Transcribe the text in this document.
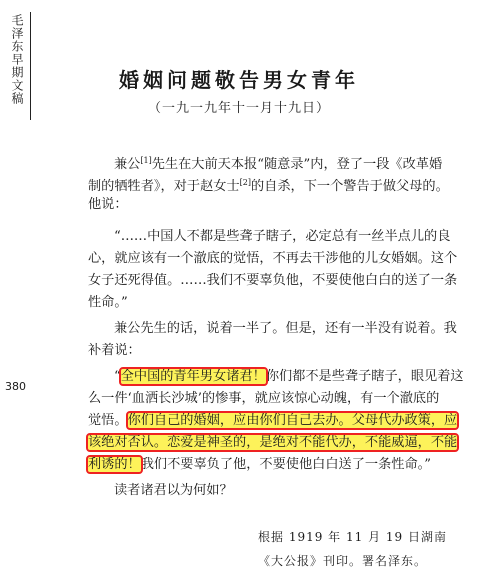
毛泽东早期文稿
380
婚姻问题敬告男女青年
（一九一九年十一月十九日）
兼公[1]先生在大前天本报“随意录”内，登了一段《改革婚
制的牺牲者》，对于赵女士[2]的自杀，下一个警告于做父母的。
他说：
“……中国人不都是些聋子瞎子，必定总有一丝半点儿的良
心，就应该有一个澈底的觉悟，不再去干涉他的儿女婚姻。这个
女子还死得值。……我们不要辜负他，不要使他白白的送了一条
性命。”
兼公先生的话，说着一半了。但是，还有一半没有说着。我
补着说：
“全中国的青年男女诸君！你们都不是些聋子瞎子，眼见着这
么一件‘血洒长沙城’的惨事，就应该惊心动魄，有一个澈底的
觉悟。你们自己的婚姻，应由你们自己去办。父母代办政策，应
该绝对否认。恋爱是神圣的，是绝对不能代办，不能威逼，不能
利诱的！我们不要辜负了他，不要使他白白送了一条性命。”
读者诸君以为何如？
根据 1919 年 11 月 19 日湖南
《大公报》刊印。署名泽东。
